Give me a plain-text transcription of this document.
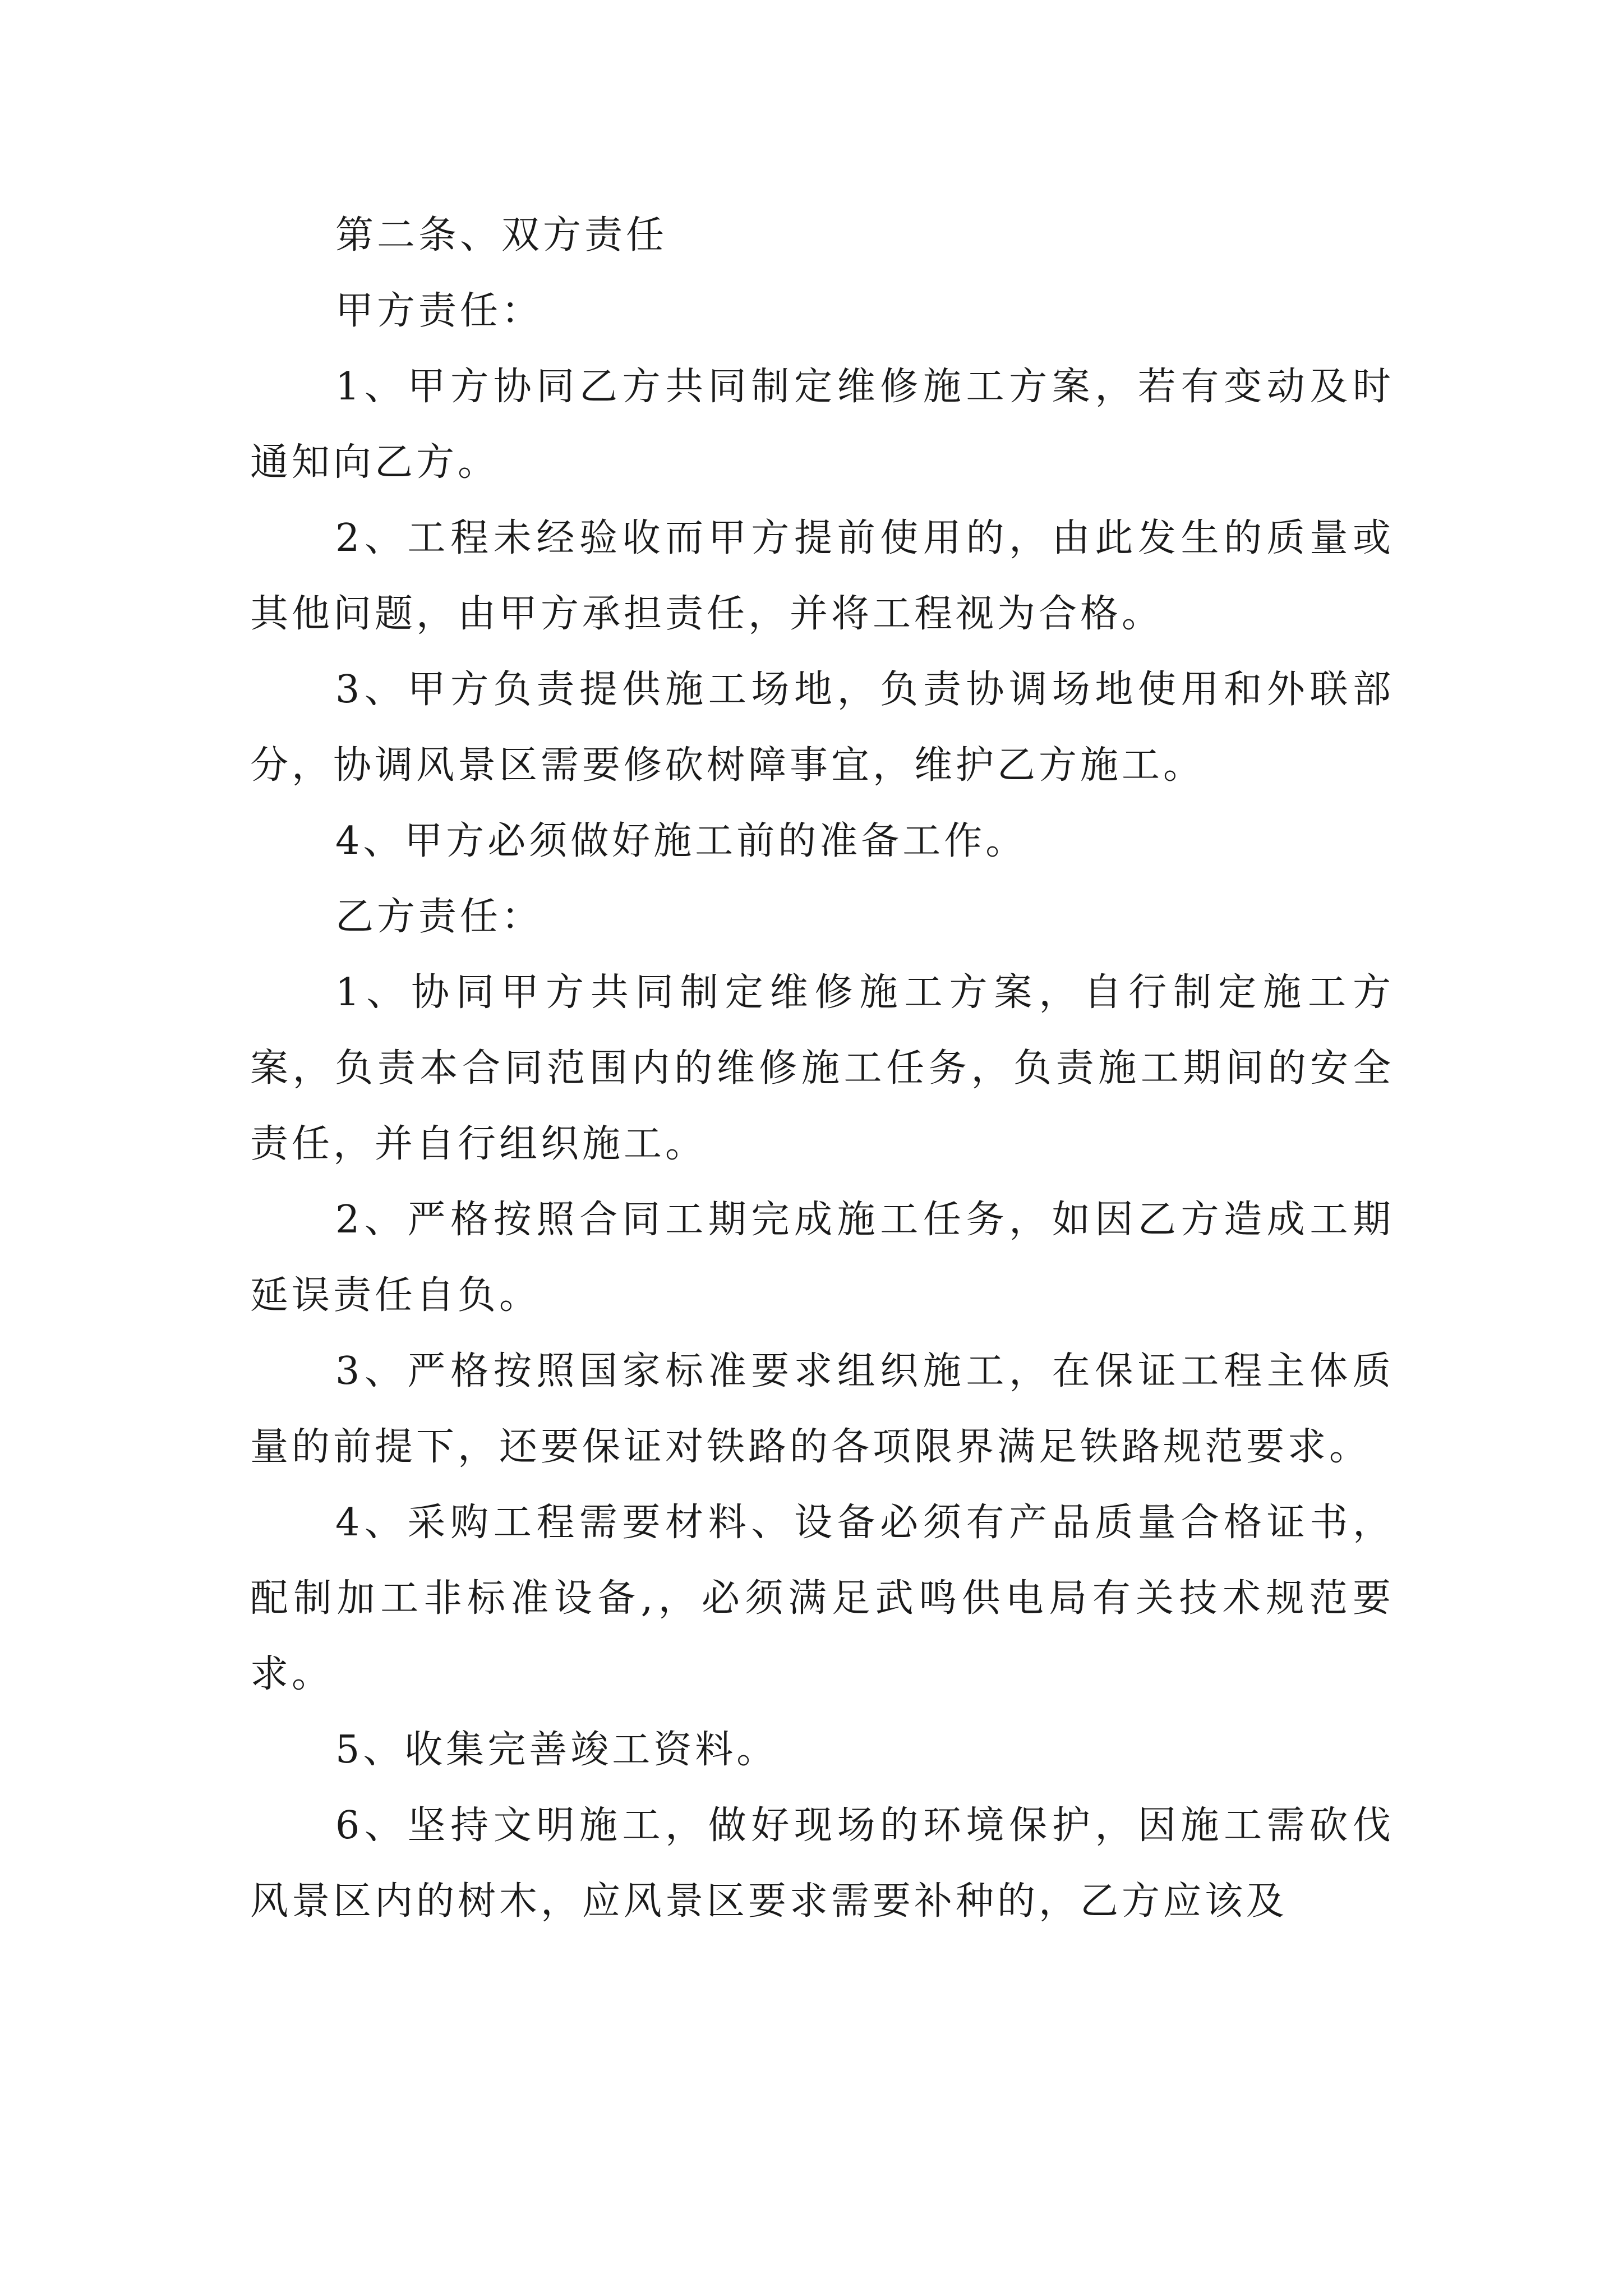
第二条、双方责任

甲方责任：

1、甲方协同乙方共同制定维修施工方案，若有变动及时通知向乙方。

2、工程未经验收而甲方提前使用的，由此发生的质量或其他问题，由甲方承担责任，并将工程视为合格。

3、甲方负责提供施工场地，负责协调场地使用和外联部分，协调风景区需要修砍树障事宜，维护乙方施工。

4、甲方必须做好施工前的准备工作。

乙方责任：

1、协同甲方共同制定维修施工方案，自行制定施工方案，负责本合同范围内的维修施工任务，负责施工期间的安全责任，并自行组织施工。

2、严格按照合同工期完成施工任务，如因乙方造成工期延误责任自负。

3、严格按照国家标准要求组织施工，在保证工程主体质量的前提下，还要保证对铁路的各项限界满足铁路规范要求。

4、采购工程需要材料、设备必须有产品质量合格证书，配制加工非标准设备,，必须满足武鸣供电局有关技术规范要求。

5、收集完善竣工资料。

6、坚持文明施工，做好现场的环境保护，因施工需砍伐风景区内的树木，应风景区要求需要补种的，乙方应该及
